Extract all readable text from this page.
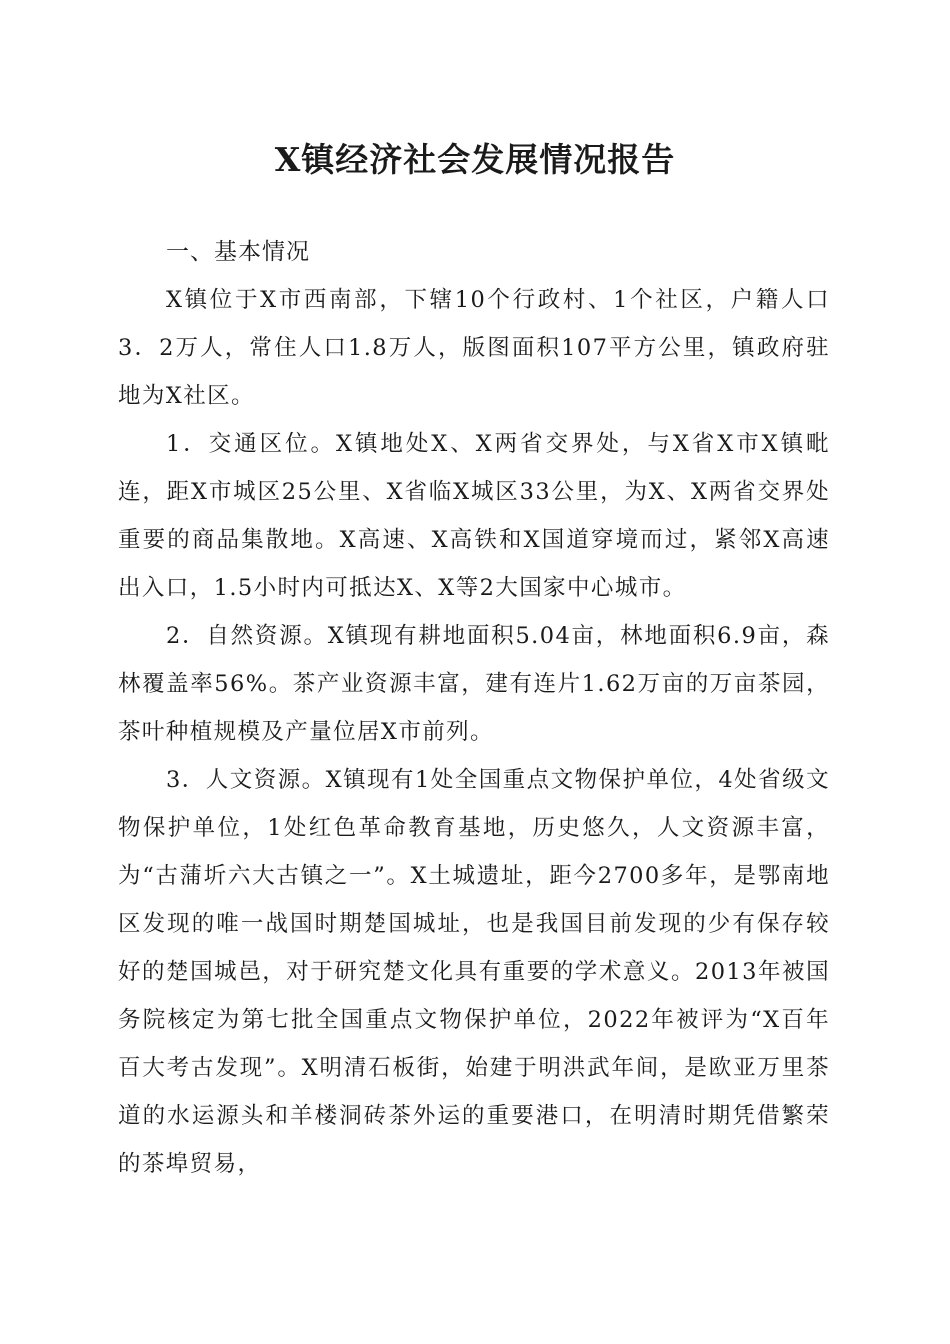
X镇经济社会发展情况报告
一、基本情况

X镇位于X市西南部，下辖10个行政村、1个社区，户籍人口3．2万人，常住人口1.8万人，版图面积107平方公里，镇政府驻地为X社区。

1．交通区位。X镇地处X、X两省交界处，与X省X市X镇毗连，距X市城区25公里、X省临X城区33公里，为X、X两省交界处重要的商品集散地。X高速、X高铁和X国道穿境而过，紧邻X高速出入口，1.5小时内可抵达X、X等2大国家中心城市。

2．自然资源。X镇现有耕地面积5.04亩，林地面积6.9亩，森林覆盖率56%。茶产业资源丰富，建有连片1.62万亩的万亩茶园，茶叶种植规模及产量位居X市前列。

3．人文资源。X镇现有1处全国重点文物保护单位，4处省级文物保护单位，1处红色革命教育基地，历史悠久，人文资源丰富，为“古蒲圻六大古镇之一”。X土城遗址，距今2700多年，是鄂南地区发现的唯一战国时期楚国城址，也是我国目前发现的少有保存较好的楚国城邑，对于研究楚文化具有重要的学术意义。2013年被国务院核定为第七批全国重点文物保护单位，2022年被评为“X百年百大考古发现”。X明清石板街，始建于明洪武年间，是欧亚万里茶道的水运源头和羊楼洞砖茶外运的重要港口，在明清时期凭借繁荣的茶埠贸易，
